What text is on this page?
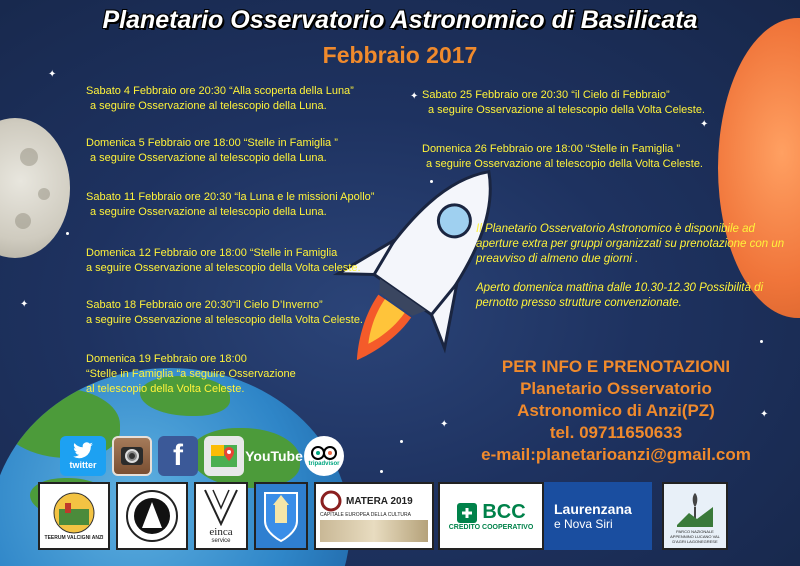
✦
✦
✦
✦
✦
✦
Planetario Osservatorio Astronomico di Basilicata
Febbraio 2017
Sabato 4 Febbraio ore 20:30 “Alla scoperta della Luna”
a seguire Osservazione al telescopio della Luna.
Domenica 5 Febbraio ore 18:00 “Stelle in Famiglia ”
a seguire Osservazione al telescopio della Luna.
Sabato 11 Febbraio ore 20:30 “la Luna e le missioni Apollo”
a seguire Osservazione al telescopio della Luna.
Domenica 12 Febbraio ore 18:00 “Stelle in Famiglia
a seguire Osservazione al telescopio della Volta celeste.
Sabato 18 Febbraio ore 20:30“il Cielo D’Inverno”
a seguire Osservazione al telescopio della Volta Celeste.
Domenica 19 Febbraio ore 18:00
“Stelle in Famiglia “a seguire Osservazione
al telescopio della Volta Celeste.
Sabato 25 Febbraio ore 20:30 “il Cielo di Febbraio”
a seguire Osservazione al telescopio della Volta Celeste.
Domenica 26 Febbraio ore 18:00 “Stelle in Famiglia ”
a seguire Osservazione al telescopio della Volta Celeste.

Il Planetario Osservatorio Astronomico è disponibile ad aperture extra per gruppi organizzati su prenotazione con un preavviso di almeno due giorni .

Aperto domenica mattina dalle 10.30-12.30 Possibilità di pernotto presso strutture convenzionate.

PER INFO E PRENOTAZIONI
Planetario Osservatorio
Astronomico di Anzi(PZ)
tel. 09711650633
e-mail:planetarioanzi@gmail.com
twitter	f	YouTube tripadvisor
TEERUM VALCIGNI ANZI	einca
service
MATERA 2019
CAPITALE EUROPEA DELLA CULTURA	BCC
CREDITO COOPERATIVO
Laurenzana
e Nova Siri	PARCO NAZIONALE APPENNINO LUCANO VAL D'AGRI LAGONEGRESE
